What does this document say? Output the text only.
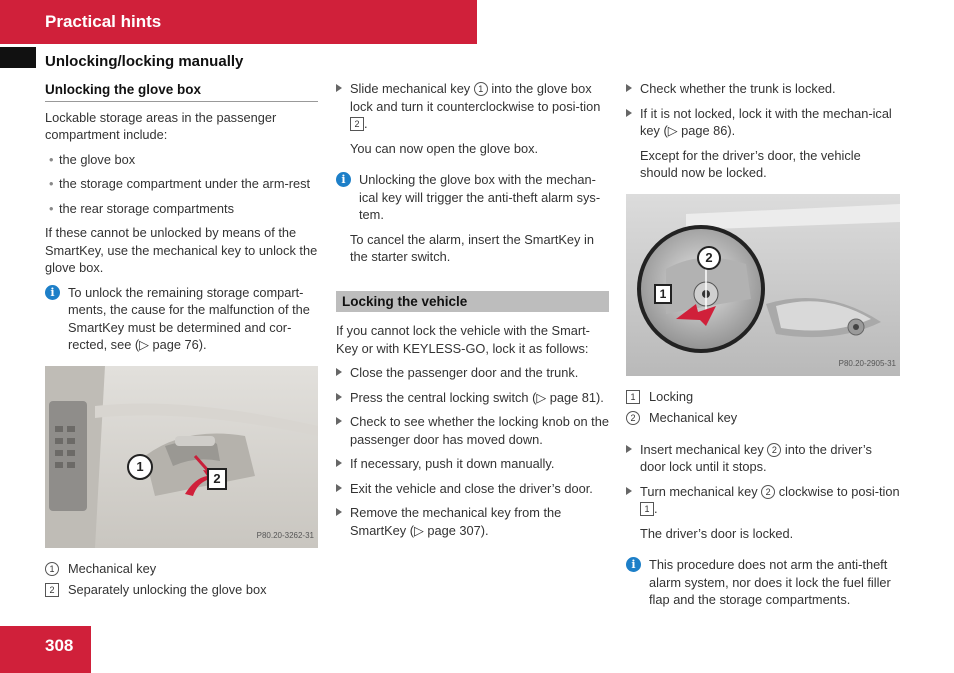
Practical hints
Unlocking/locking manually
Unlocking the glove box

Lockable storage areas in the passenger compartment include:

• the glove box
• the storage compartment under the arm-rest
• the rear storage compartments

If these cannot be unlocked by means of the SmartKey, use the mechanical key to unlock the glove box.

i	To unlock the remaining storage compart-ments, the cause for the malfunction of the SmartKey must be determined and cor-rected, see (▷ page 76).
1
2
P80.20-3262-31
1	Mechanical key
2	Separately unlocking the glove box
Slide mechanical key 1 into the glove box lock and turn it counterclockwise to posi-tion 2 .

You can now open the glove box.

i	Unlocking the glove box with the mechan-ical key will trigger the anti-theft alarm sys-tem.

To cancel the alarm, insert the SmartKey in the starter switch.

Locking the vehicle

If you cannot lock the vehicle with the Smart-Key or with KEYLESS-GO, lock it as follows:

Close the passenger door and the trunk.
Press the central locking switch (▷ page 81).
Check to see whether the locking knob on the passenger door has moved down.
If necessary, push it down manually.
Exit the vehicle and close the driver’s door.
Remove the mechanical key from the SmartKey (▷ page 307).
Check whether the trunk is locked.
If it is not locked, lock it with the mechan-ical key (▷ page 86).

Except for the driver’s door, the vehicle should now be locked.

2
1
P80.20-2905-31
1	Locking
2	Mechanical key
Insert mechanical key 2 into the driver’s door lock until it stops.
Turn mechanical key 2 clockwise to posi-tion 1 .

The driver’s door is locked.

i	This procedure does not arm the anti-theft alarm system, nor does it lock the fuel filler flap and the storage compartments.
308
